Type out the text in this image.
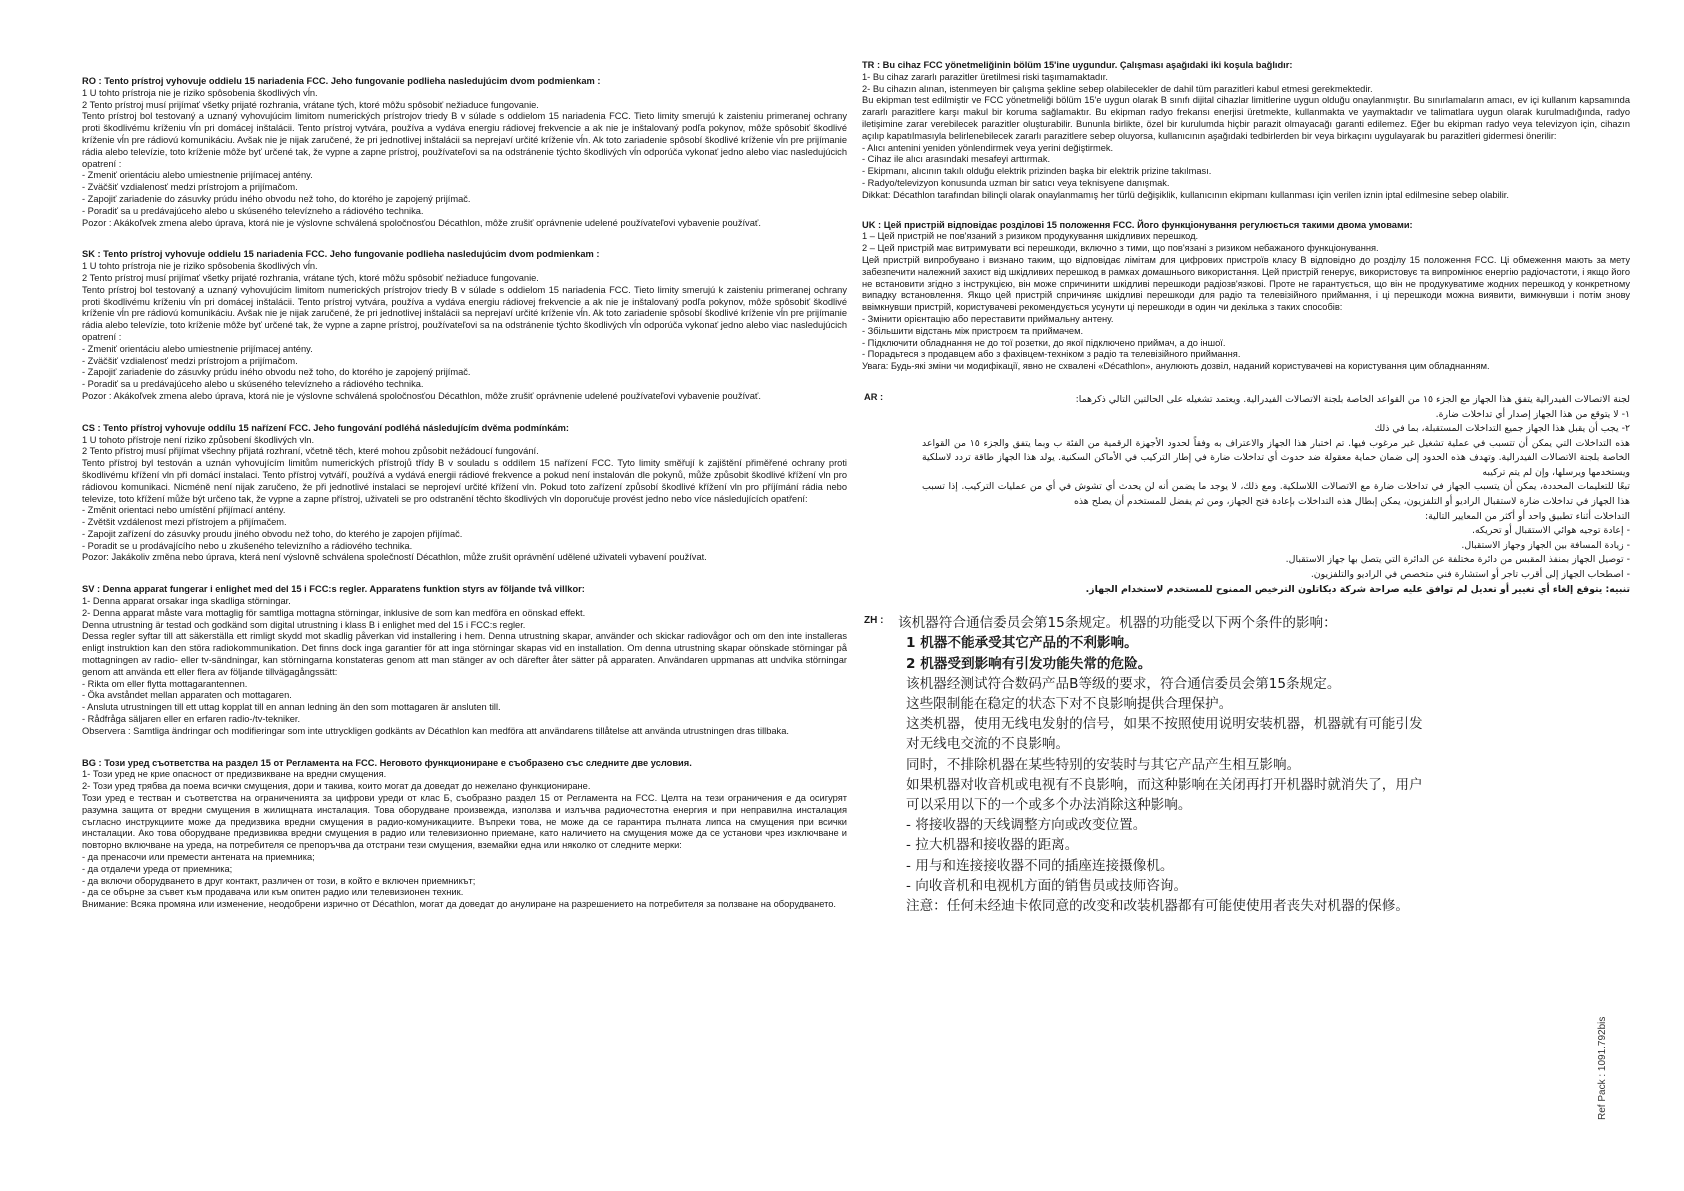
RO : Tento prístroj vyhovuje oddielu 15 nariadenia FCC. Jeho fungovanie podlieha nasledujúcim dvom podmienkam :
1 U tohto prístroja nie je riziko spôsobenia škodlivých vĺn.
2 Tento prístroj musí prijímať všetky prijaté rozhrania, vrátane tých, ktoré môžu spôsobiť nežiaduce fungovanie.
Tento prístroj bol testovaný a uznaný vyhovujúcim limitom numerických prístrojov triedy B v súlade s oddielom 15 nariadenia FCC. Tieto limity smerujú k zaisteniu primeranej ochrany proti škodlivému kríženiu vĺn pri domácej inštalácii. Tento prístroj vytvára, používa a vydáva energiu rádiovej frekvencie a ak nie je inštalovaný podľa pokynov, môže spôsobiť škodlivé kríženie vĺn pre rádiovú komunikáciu. Avšak nie je nijak zaručené, že pri jednotlivej inštalácii sa neprejaví určité kríženie vĺn. Ak toto zariadenie spôsobí škodlivé kríženie vĺn pre prijímanie rádia alebo televízie, toto kríženie môže byť určené tak, že vypne a zapne prístroj, používateľovi sa na odstránenie týchto škodlivých vĺn odporúča vykonať jedno alebo viac nasledujúcich opatrení :
- Zmeniť orientáciu alebo umiestnenie prijímacej antény.
- Zväčšiť vzdialenosť medzi prístrojom a prijímačom.
- Zapojiť zariadenie do zásuvky prúdu iného obvodu než toho, do ktorého je zapojený prijímač.
- Poradiť sa u predávajúceho alebo u skúseného televízneho a rádiového technika.
Pozor : Akákoľvek zmena alebo úprava, ktorá nie je výslovne schválená spoločnosťou Décathlon, môže zrušiť oprávnenie udelené používateľovi vybavenie používať.
SK : Tento prístroj vyhovuje oddielu 15 nariadenia FCC. Jeho fungovanie podlieha nasledujúcim dvom podmienkam :
1 U tohto prístroja nie je riziko spôsobenia škodlivých vĺn.
2 Tento prístroj musí prijímať všetky prijaté rozhrania, vrátane tých, ktoré môžu spôsobiť nežiaduce fungovanie.
Tento prístroj bol testovaný a uznaný vyhovujúcim limitom numerických prístrojov triedy B v súlade s oddielom 15 nariadenia FCC. Tieto limity smerujú k zaisteniu primeranej ochrany proti škodlivému kríženiu vĺn pri domácej inštalácii. Tento prístroj vytvára, používa a vydáva energiu rádiovej frekvencie a ak nie je inštalovaný podľa pokynov, môže spôsobiť škodlivé kríženie vĺn pre rádiovú komunikáciu. Avšak nie je nijak zaručené, že pri jednotlivej inštalácii sa neprejaví určité kríženie vĺn. Ak toto zariadenie spôsobí škodlivé kríženie vĺn pre prijímanie rádia alebo televízie, toto kríženie môže byť určené tak, že vypne a zapne prístroj, používateľovi sa na odstránenie týchto škodlivých vĺn odporúča vykonať jedno alebo viac nasledujúcich opatrení :
- Zmeniť orientáciu alebo umiestnenie prijímacej antény.
- Zväčšiť vzdialenosť medzi prístrojom a prijímačom.
- Zapojiť zariadenie do zásuvky prúdu iného obvodu než toho, do ktorého je zapojený prijímač.
- Poradiť sa u predávajúceho alebo u skúseného televízneho a rádiového technika.
Pozor : Akákoľvek zmena alebo úprava, ktorá nie je výslovne schválená spoločnosťou Décathlon, môže zrušiť oprávnenie udelené používateľovi vybavenie používať.
CS : Tento přístroj vyhovuje oddílu 15 nařízení FCC. Jeho fungování podléhá následujícím dvěma podmínkám:
1 U tohoto přístroje není riziko způsobení škodlivých vln.
2 Tento přístroj musí přijímat všechny přijatá rozhraní, včetně těch, které mohou způsobit nežádoucí fungování.
Tento přístroj byl testován a uznán vyhovujícím limitům numerických přístrojů třídy B v souladu s oddílem 15 nařízení FCC. Tyto limity směřují k zajištění přiměřené ochrany proti škodlivému křížení vln při domácí instalaci. Tento přístroj vytváří, používá a vydává energii rádiové frekvence a pokud není instalován dle pokynů, může způsobit škodlivé křížení vln pro rádiovou komunikaci. Nicméně není nijak zaručeno, že při jednotlivé instalaci se neprojeví určité křížení vln. Pokud toto zařízení způsobí škodlivé křížení vln pro příjímání rádia nebo televize, toto křížení může být určeno tak, že vypne a zapne přístroj, uživateli se pro odstranění těchto škodlivých vln doporučuje provést jedno nebo více následujících opatření:
- Změnit orientaci nebo umístění přijímací antény.
- Zvětšit vzdálenost mezi přístrojem a přijímačem.
- Zapojit zařízení do zásuvky proudu jiného obvodu než toho, do kterého je zapojen přijímač.
- Poradit se u prodávajícího nebo u zkušeného televizního a rádiového technika.
Pozor: Jakákoliv změna nebo úprava, která není výslovně schválena společností Décathlon, může zrušit oprávnění udělené uživateli vybavení používat.
SV : Denna apparat fungerar i enlighet med del 15 i FCC:s regler. Apparatens funktion styrs av följande två villkor:
1- Denna apparat orsakar inga skadliga störningar.
2- Denna apparat måste vara mottaglig för samtliga mottagna störningar, inklusive de som kan medföra en oönskad effekt.
Denna utrustning är testad och godkänd som digital utrustning i klass B i enlighet med del 15 i FCC:s regler.
Dessa regler syftar till att säkerställa ett rimligt skydd mot skadlig påverkan vid installering i hem. Denna utrustning skapar, använder och skickar radiovågor och om den inte installeras enligt instruktion kan den störa radiokommunikation. Det finns dock inga garantier för att inga störningar skapas vid en installation. Om denna utrustning skapar oönskade störningar på mottagningen av radio- eller tv-sändningar, kan störningarna konstateras genom att man stänger av och därefter åter sätter på apparaten. Användaren uppmanas att undvika störningar genom att använda ett eller flera av följande tillvägagångssätt:
- Rikta om eller flytta mottagarantennen.
- Öka avståndet mellan apparaten och mottagaren.
- Ansluta utrustningen till ett uttag kopplat till en annan ledning än den som mottagaren är ansluten till.
- Rådfråga säljaren eller en erfaren radio-/tv-tekniker.
Observera : Samtliga ändringar och modifieringar som inte uttryckligen godkänts av Décathlon kan medföra att användarens tillåtelse att använda utrustningen dras tillbaka.
BG : Този уред съответства на раздел 15 от Регламента на FCC. Неговото функциониране е съобразено със следните две условия.
1- Този уред не крие опасност от предизвикване на вредни смущения.
2- Този уред трябва да поема всички смущения, дори и такива, които могат да доведат до нежелано функциониране.
Този уред е тестван и съответства на ограниченията за цифрови уреди от клас Б, съобразно раздел 15 от Регламента на FCC. Целта на тези ограничения е да осигурят разумна защита от вредни смущения в жилищната инсталация. Това оборудване произвежда, използва и излъчва радиочестотна енергия и при неправилна инсталация съгласно инструкциите може да предизвика вредни смущения в радио-комуникациите. Въпреки това, не може да се гарантира пълната липса на смущения при всички инсталации. Ако това оборудване предизвиква вредни смущения в радио или телевизионно приемане, като наличието на смущения може да се установи чрез изключване и повторно включване на уреда, на потребителя се препоръчва да отстрани тези смущения, вземайки една или няколко от следните мерки:
- да пренасочи или премести антената на приемника;
- да отдалечи уреда от приемника;
- да включи оборудването в друг контакт, различен от този, в който е включен приемникът;
- да се обърне за съвет към продавача или към опитен радио или телевизионен техник.
Внимание: Всяка промяна или изменение, неодобрени изрично от Décathlon, могат да доведат до анулиране на разрешението на потребителя за ползване на оборудването.
TR : Bu cihaz FCC yönetmeliğinin bölüm 15'ine uygundur. Çalışması aşağıdaki iki koşula bağlıdır:
1- Bu cihaz zararlı parazitler üretilmesi riski taşımamaktadır.
2- Bu cihazın alınan, istenmeyen bir çalışma şekline sebep olabilecekler de dahil tüm parazitleri kabul etmesi gerekmektedir.
Bu ekipman test edilmiştir ve FCC yönetmeliği bölüm 15'e uygun olarak B sınıfı dijital cihazlar limitlerine uygun olduğu onaylanmıştır. Bu sınırlamaların amacı, ev içi kullanım kapsamında zararlı parazitlere karşı makul bir koruma sağlamaktır. Bu ekipman radyo frekansı enerjisi üretmekte, kullanmakta ve yaymaktadır ve talimatlara uygun olarak kurulmadığında, radyo iletişimine zarar verebilecek parazitler oluşturabilir. Bununla birlikte, özel bir kurulumda hiçbir parazit olmayacağı garanti edilemez. Eğer bu ekipman radyo veya televizyon için, cihazın açılıp kapatılmasıyla belirlenebilecek zararlı parazitlere sebep oluyorsa, kullanıcının aşağıdaki tedbirlerden bir veya birkaçını uygulayarak bu parazitleri gidermesi önerilir:
- Alıcı antenini yeniden yönlendirmek veya yerini değiştirmek.
- Cihaz ile alıcı arasındaki mesafeyi arttırmak.
- Ekipmanı, alıcının takılı olduğu elektrik prizinden başka bir elektrik prizine takılması.
- Radyo/televizyon konusunda uzman bir satıcı veya teknisyene danışmak.
Dikkat: Décathlon tarafından bilinçli olarak onaylanmamış her türlü değişiklik, kullanıcının ekipmanı kullanması için verilen iznin iptal edilmesine sebep olabilir.
UK : Цей пристрій відповідає розділові 15 положення FCC. Його функціонування регулюється такими двома умовами:
1 – Цей пристрій не пов'язаний з ризиком продукування шкідливих перешкод.
2 – Цей пристрій має витримувати всі перешкоди, включно з тими, що пов'язані з ризиком небажаного функціонування.
Цей пристрій випробувано і визнано таким, що відповідає лімітам для цифрових пристроїв класу B відповідно до розділу 15 положення FCC. Ці обмеження мають за мету забезпечити належний захист від шкідливих перешкод в рамках домашнього використання. Цей пристрій генерує, використовує та випромінює енергію радіочастоти, і якщо його не встановити згідно з інструкцією, він може спричинити шкідливі перешкоди радіозв'язкові. Проте не гарантується, що він не продукуватиме жодних перешкод у конкретному випадку встановлення. Якщо цей пристрій спричиняє шкідливі перешкоди для радіо та телевізійного приймання, і ці перешкоди можна виявити, вимкнувши і потім знову ввімкнувши пристрій, користувачеві рекомендується усунути ці перешкоди в один чи декілька з таких способів:
- Змінити орієнтацію або переставити приймальну антену.
- Збільшити відстань між пристроєм та приймачем.
- Підключити обладнання не до тої розетки, до якої підключено приймач, а до іншої.
- Порадьтеся з продавцем або з фахівцем-техніком з радіо та телевізійного приймання.
Увага: Будь-які зміни чи модифікації, явно не схвалені «Décathlon», анулюють дозвіл, наданий користувачеві на користування цим обладнанням.
AR :	لجنة الاتصالات الفيدرالية يتفق هذا الجهاز مع الجزء ١٥ من القواعد الخاصة بلجنة الاتصالات الفيدرالية. ويعتمد تشغيله على الحالتين التالي ذكرهما:
١- لا يتوقع من هذا الجهاز إصدار أي تداخلات ضارة.
٢- يجب أن يقبل هذا الجهاز جميع التداخلات المستقبلة، بما في ذلك
هذه التداخلات التي يمكن أن تتسبب في عملية تشغيل غير مرغوب فيها. تم اختبار هذا الجهاز والاعتراف به وفقاً لحدود الأجهزة الرقمية من الفئة ب وبما يتفق والجزء ١٥ من القواعد الخاصة بلجنة الاتصالات الفيدرالية. وتهدف هذه الحدود إلى ضمان حماية معقولة ضد حدوث أي تداخلات ضارة في إطار التركيب في الأماكن السكنية. يولد هذا الجهاز طاقة تردد لاسلكية ويستخدمها ويرسلها، وإن لم يتم تركيبه
تبعًا للتعليمات المحددة، يمكن أن يتسبب الجهاز في تداخلات ضارة مع الاتصالات اللاسلكية. ومع ذلك، لا يوجد ما يضمن أنه لن يحدث أي تشوش في أي من عمليات التركيب. إذا تسبب هذا الجهاز في تداخلات ضارة لاستقبال الراديو أو التلفزيون، يمكن إبطال هذه التداخلات بإعادة فتح الجهاز، ومن ثم يفضل للمستخدم أن يصلح هذه
التداخلات أثناء تطبيق واحد أو أكثر من المعايير التالية:
- إعادة توجيه هوائي الاستقبال أو تحريكه.
- زيادة المسافة بين الجهاز وجهاز الاستقبال.
- توصيل الجهاز بمنفذ المقبس من دائرة مختلفة عن الدائرة التي يتصل بها جهاز الاستقبال.
- اصطحاب الجهاز إلى أقرب تاجر أو استشارة فني متخصص في الراديو والتلفزيون.
تنبيه: يتوقع إلغاء أي تغيير أو تعديل لم توافق عليه صراحة شركة ديكاتلون الترخيص الممنوح للمستخدم لاستخدام الجهاز.
ZH : 该机器符合通信委员会第15条规定。机器的功能受以下两个条件的影响：
1 机器不能承受其它产品的不利影响。
2 机器受到影响有引发功能失常的危险。
该机器经测试符合数码产品B等级的要求，符合通信委员会第15条规定。
这些限制能在稳定的状态下对不良影响提供合理保护。
这类机器，使用无线电发射的信号，如果不按照使用说明安装机器，机器就有可能引发
对无线电交流的不良影响。
同时，不排除机器在某些特别的安装时与其它产品产生相互影响。
如果机器对收音机或电视有不良影响，而这种影响在关闭再打开机器时就消失了，用户
可以采用以下的一个或多个办法消除这种影响。
- 将接收器的天线调整方向或改变位置。
- 拉大机器和接收器的距离。
- 用与和连接接收器不同的插座连接摄像机。
- 向收音机和电视机方面的销售员或技师咨询。
注意：任何未经迪卡侬同意的改变和改装机器都有可能使使用者丧失对机器的保修。
Ref Pack : 1091.792bis
